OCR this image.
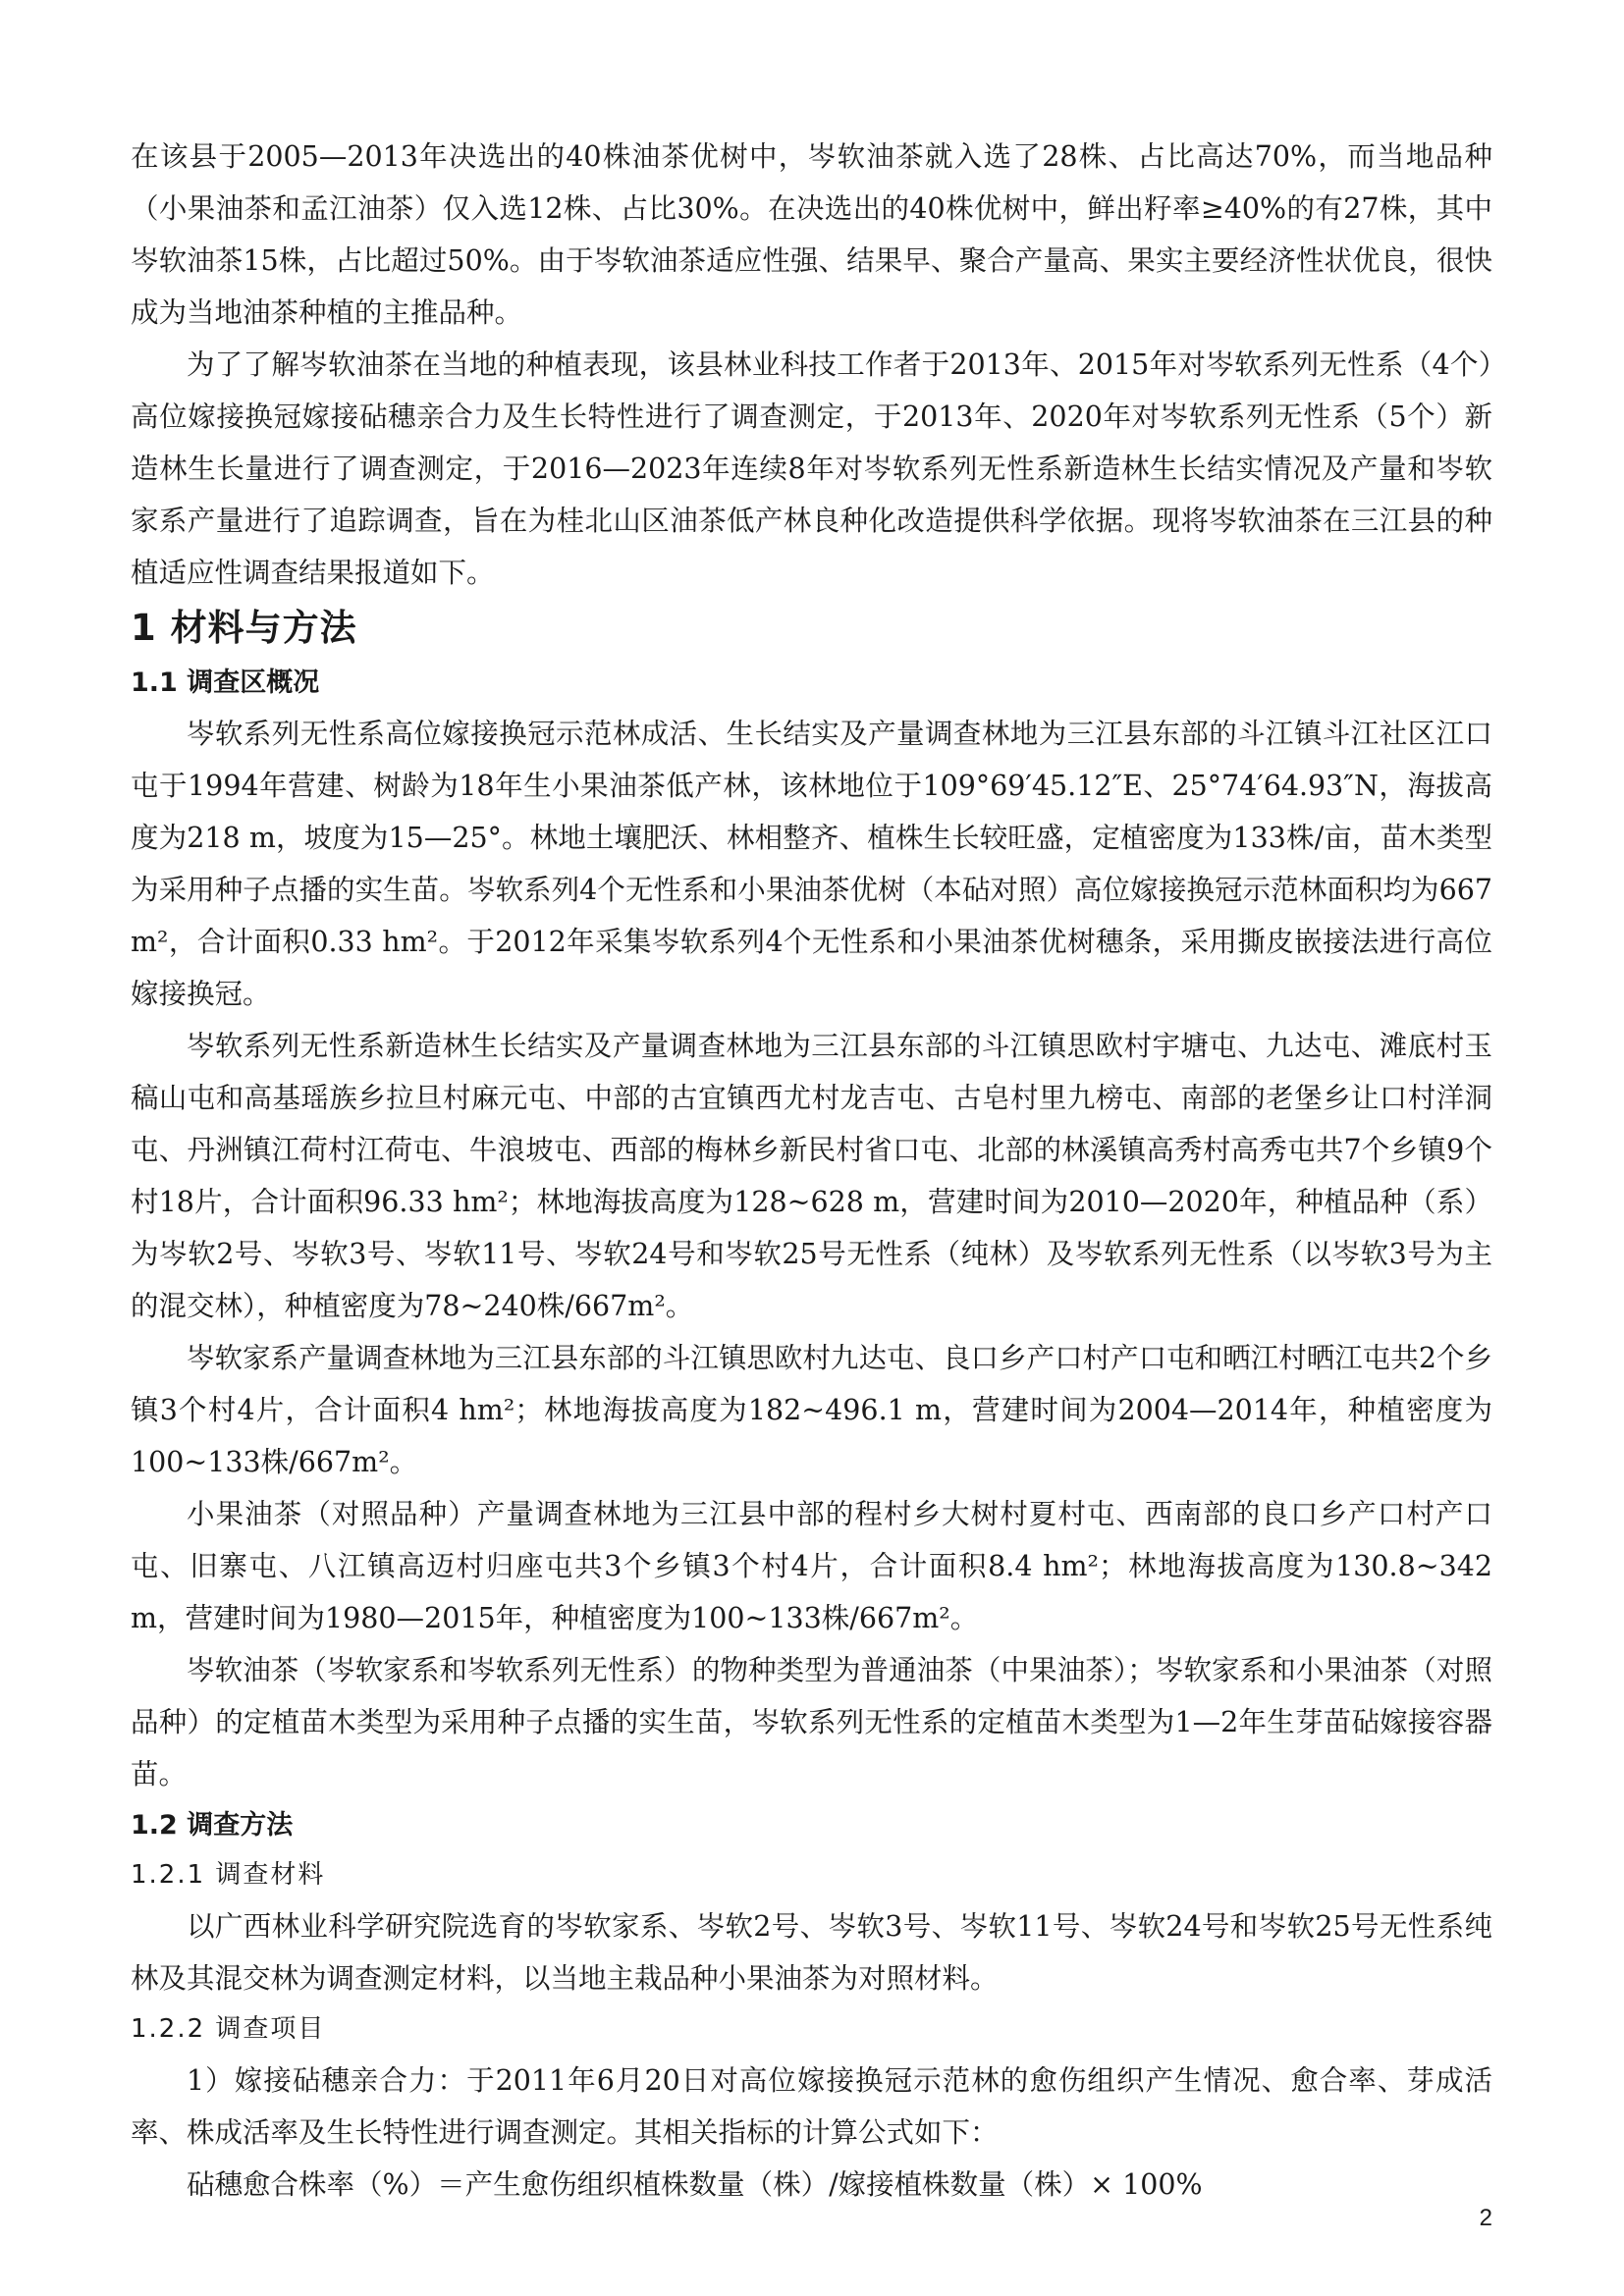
在该县于2005—2013年决选出的40株油茶优树中，岑软油茶就入选了28株、占比高达70%，而当地品种（小果油茶和孟江油茶）仅入选12株、占比30%。在决选出的40株优树中，鲜出籽率≥40%的有27株，其中岑软油茶15株，占比超过50%。由于岑软油茶适应性强、结果早、聚合产量高、果实主要经济性状优良，很快成为当地油茶种植的主推品种。

为了了解岑软油茶在当地的种植表现，该县林业科技工作者于2013年、2015年对岑软系列无性系（4个）高位嫁接换冠嫁接砧穗亲合力及生长特性进行了调查测定，于2013年、2020年对岑软系列无性系（5个）新造林生长量进行了调查测定，于2016—2023年连续8年对岑软系列无性系新造林生长结实情况及产量和岑软家系产量进行了追踪调查，旨在为桂北山区油茶低产林良种化改造提供科学依据。现将岑软油茶在三江县的种植适应性调查结果报道如下。

1 材料与方法
1.1 调查区概况

岑软系列无性系高位嫁接换冠示范林成活、生长结实及产量调查林地为三江县东部的斗江镇斗江社区江口屯于1994年营建、树龄为18年生小果油茶低产林，该林地位于109°69′45.12″E、25°74′64.93″N，海拔高度为218 m，坡度为15—25°。林地土壤肥沃、林相整齐、植株生长较旺盛，定植密度为133株/亩，苗木类型为采用种子点播的实生苗。岑软系列4个无性系和小果油茶优树（本砧对照）高位嫁接换冠示范林面积均为667 m²，合计面积0.33 hm²。于2012年采集岑软系列4个无性系和小果油茶优树穗条，采用撕皮嵌接法进行高位嫁接换冠。

岑软系列无性系新造林生长结实及产量调查林地为三江县东部的斗江镇思欧村宇塘屯、九达屯、滩底村玉稿山屯和高基瑶族乡拉旦村麻元屯、中部的古宜镇西尤村龙吉屯、古皂村里九榜屯、南部的老堡乡让口村洋洞屯、丹洲镇江荷村江荷屯、牛浪坡屯、西部的梅林乡新民村省口屯、北部的林溪镇高秀村高秀屯共7个乡镇9个村18片，合计面积96.33 hm²；林地海拔高度为128~628 m，营建时间为2010—2020年，种植品种（系）为岑软2号、岑软3号、岑软11号、岑软24号和岑软25号无性系（纯林）及岑软系列无性系（以岑软3号为主的混交林），种植密度为78~240株/667m²。

岑软家系产量调查林地为三江县东部的斗江镇思欧村九达屯、良口乡产口村产口屯和晒江村晒江屯共2个乡镇3个村4片，合计面积4 hm²；林地海拔高度为182~496.1 m，营建时间为2004—2014年，种植密度为100~133株/667m²。

小果油茶（对照品种）产量调查林地为三江县中部的程村乡大树村夏村屯、西南部的良口乡产口村产口屯、旧寨屯、八江镇高迈村归座屯共3个乡镇3个村4片，合计面积8.4 hm²；林地海拔高度为130.8~342 m，营建时间为1980—2015年，种植密度为100~133株/667m²。

岑软油茶（岑软家系和岑软系列无性系）的物种类型为普通油茶（中果油茶）；岑软家系和小果油茶（对照品种）的定植苗木类型为采用种子点播的实生苗，岑软系列无性系的定植苗木类型为1—2年生芽苗砧嫁接容器苗。

1.2 调查方法
1.2.1 调查材料

以广西林业科学研究院选育的岑软家系、岑软2号、岑软3号、岑软11号、岑软24号和岑软25号无性系纯林及其混交林为调查测定材料，以当地主栽品种小果油茶为对照材料。

1.2.2 调查项目

1）嫁接砧穗亲合力：于2011年6月20日对高位嫁接换冠示范林的愈伤组织产生情况、愈合率、芽成活率、株成活率及生长特性进行调查测定。其相关指标的计算公式如下：

砧穗愈合株率（%）＝产生愈伤组织植株数量（株）/嫁接植株数量（株）× 100%

2
